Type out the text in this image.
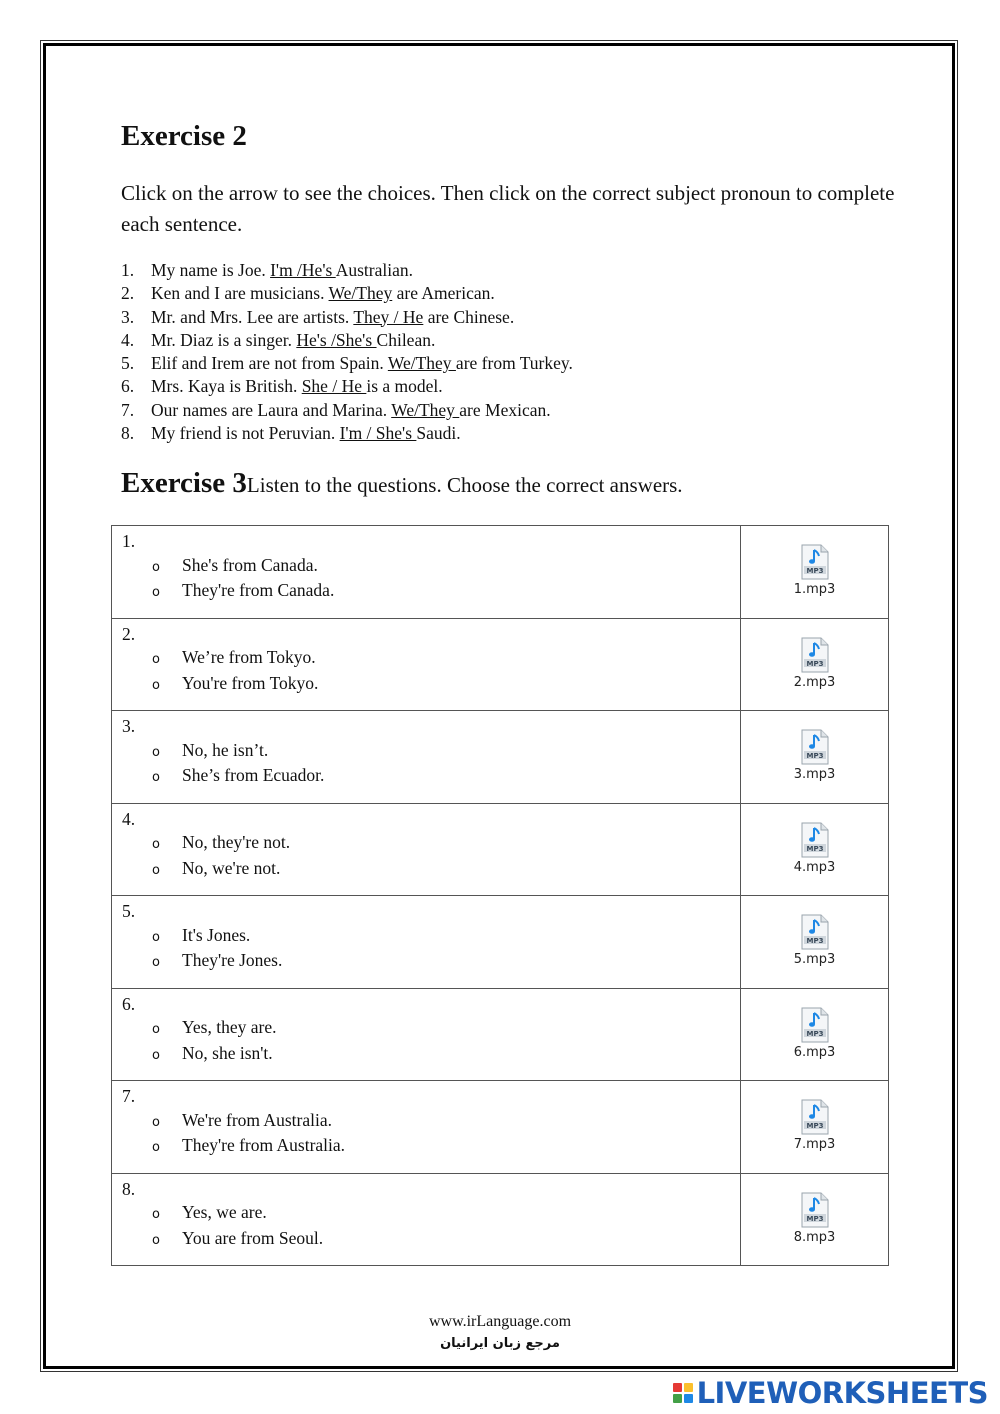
Exercise 2

Click on the arrow to see the choices. Then click on the correct subject pronoun to complete each sentence.

1. My name is Joe. I'm /He's Australian.
2. Ken and I are musicians. We/They are American.
3. Mr. and Mrs. Lee are artists. They / He are Chinese.
4. Mr. Diaz is a singer. He's /She's Chilean.
5. Elif and Irem are not from Spain. We/They are from Turkey.
6. Mrs. Kaya is British. She / He is a model.
7. Our names are Laura and Marina. We/They are Mexican.
8. My friend is not Peruvian. I'm / She's Saudi.
Exercise 3Listen to the questions. Choose the correct answers.
1.
o She's from Canada.
o They're from Canada.	MP3
1.mp3

2.
o We’re from Tokyo.
o You're from Tokyo.	MP3
2.mp3

3.
o No, he isn’t.
o She’s from Ecuador.	MP3
3.mp3

4.
o No, they're not.
o No, we're not.	MP3
4.mp3

5.
o It's Jones.
o They're Jones.	MP3
5.mp3

6.
o Yes, they are.
o No, she isn't.	MP3
6.mp3

7.
o We're from Australia.
o They're from Australia.	MP3
7.mp3

8.
o Yes, we are.
o You are from Seoul.	MP3
8.mp3
www.irLanguage.com
مرجع زبان ایرانیان
LIVEWORKSHEETS
